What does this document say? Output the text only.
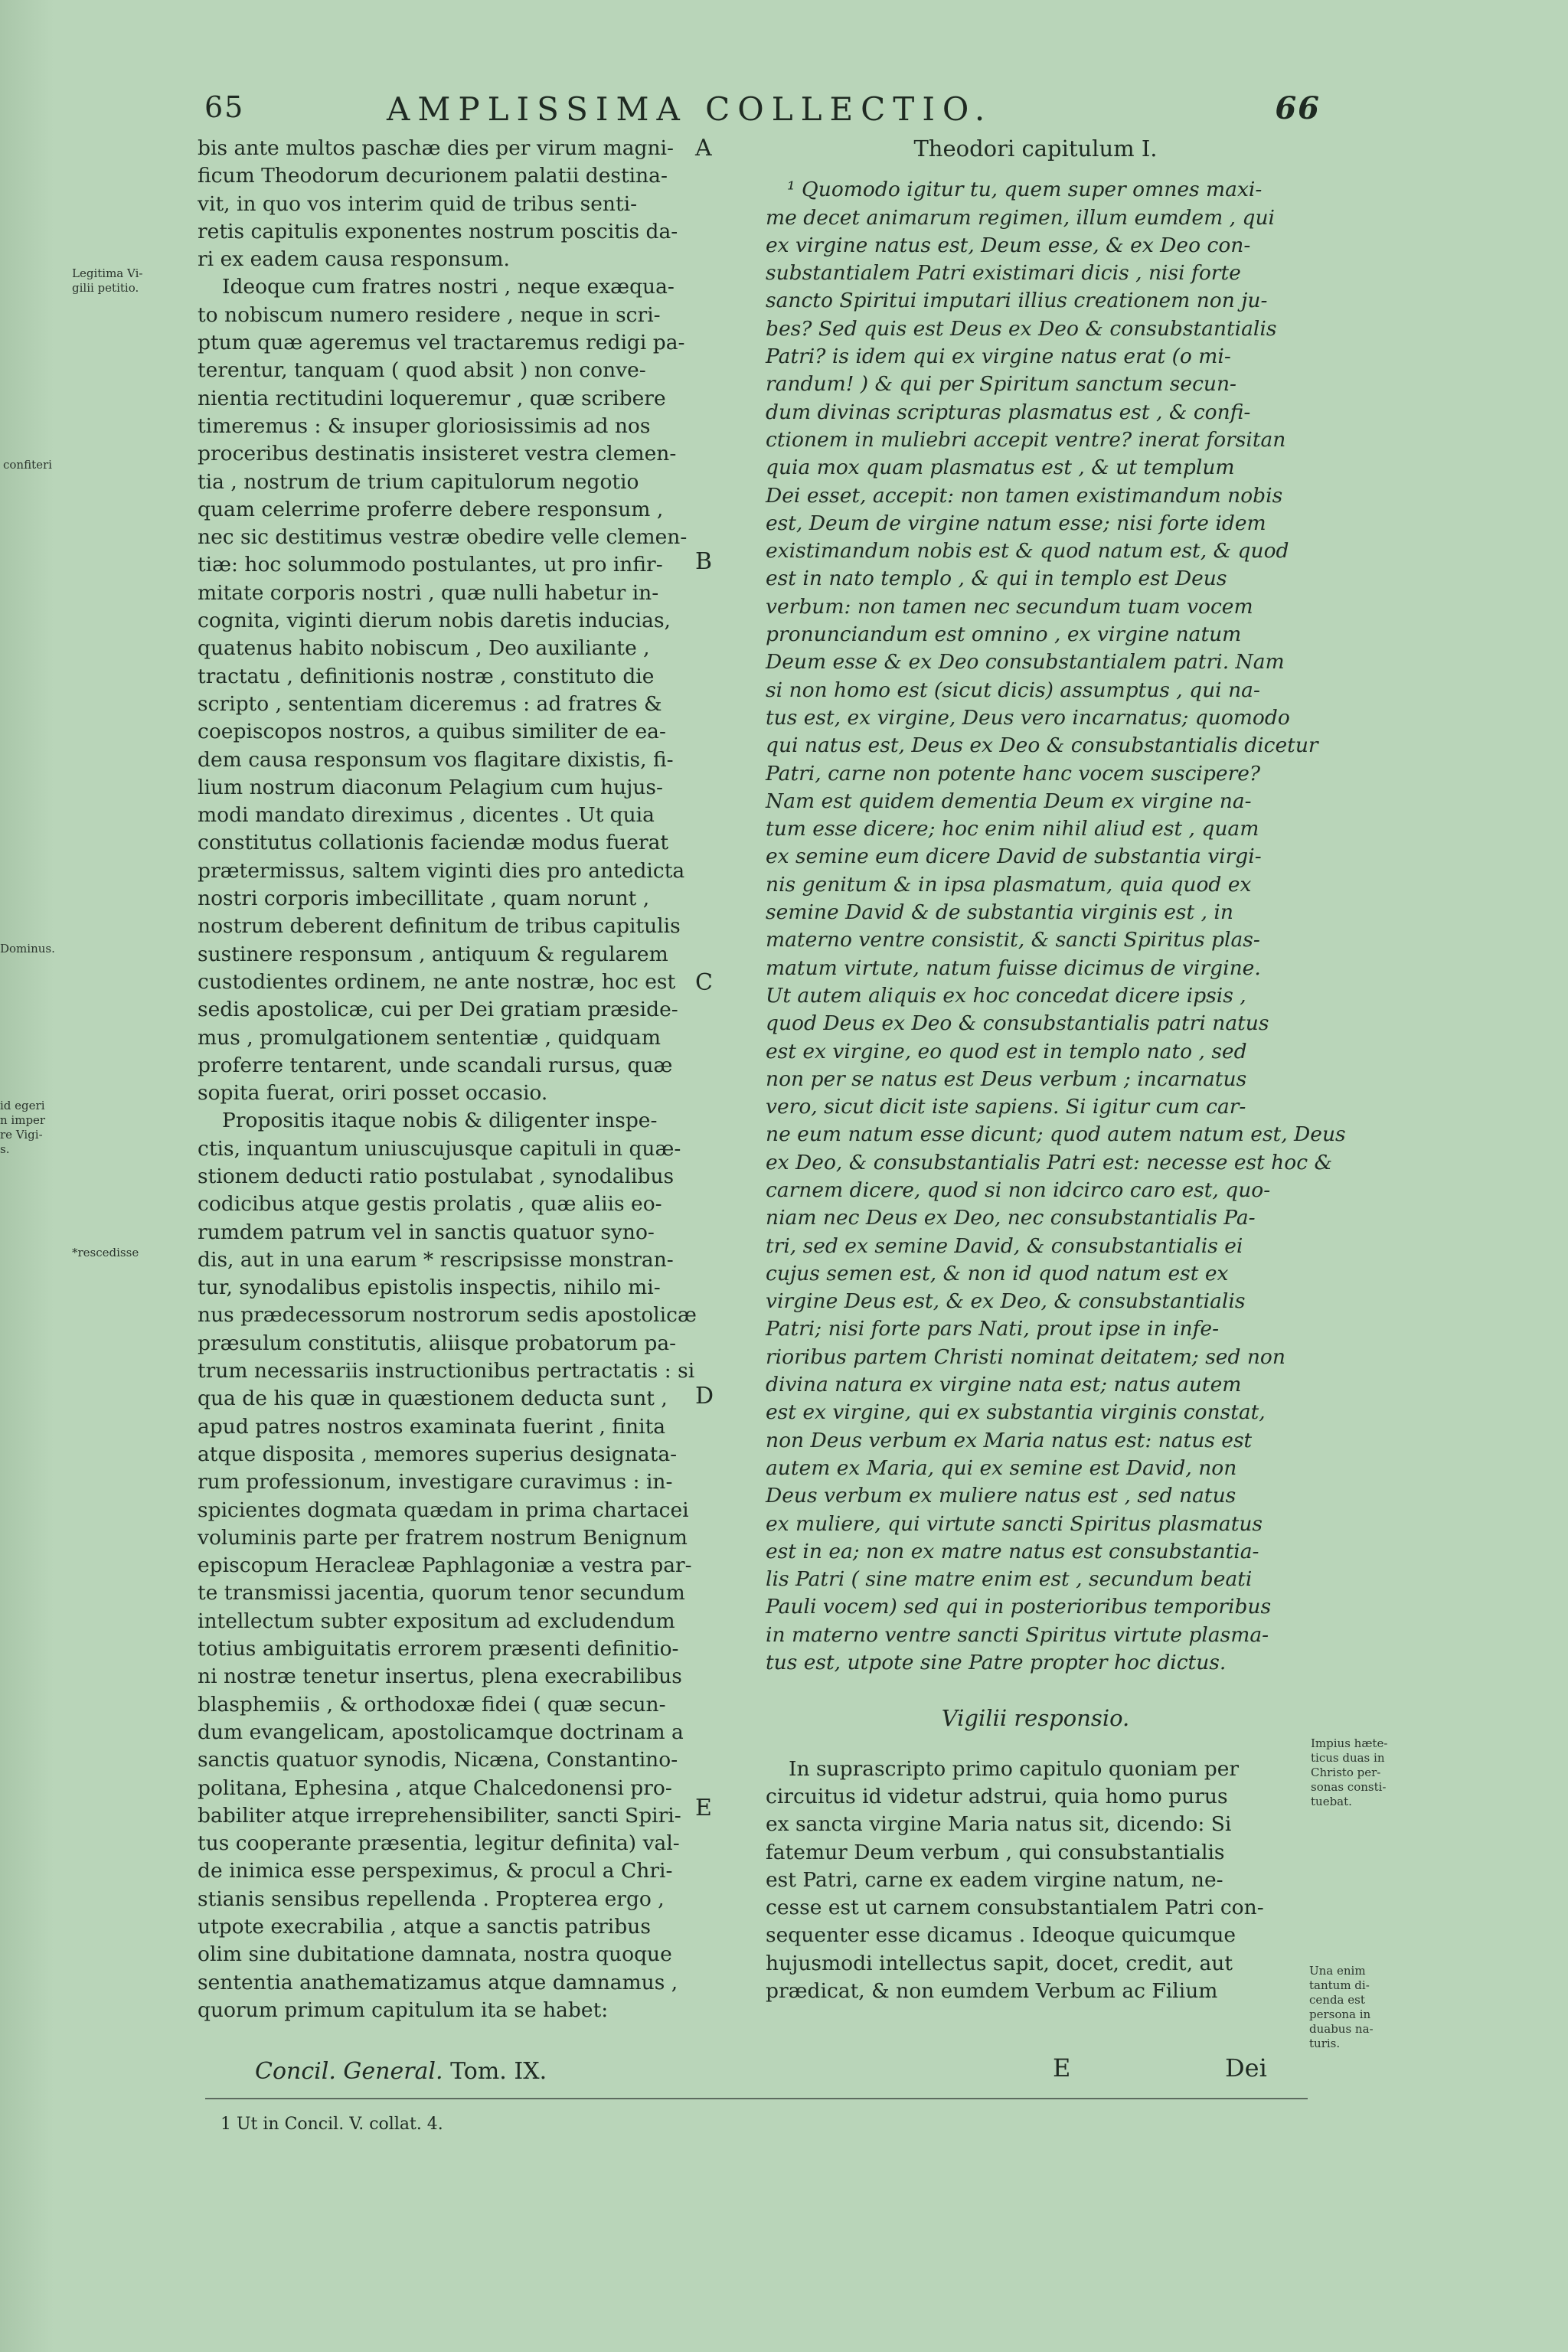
65	AMPLISSIMA COLLECTIO.	66
Legitima Vi-
gilii petitio.
confiteri
Dominus.
id egeri
n imper
re Vigi-
s.
*rescedisse
Impius hæte-
ticus duas in
Christo per-
sonas consti-
tuebat.
Una enim
tantum di-
cenda est
persona in
duabus na-
turis.
A
B
C
D
E
bis ante multos paschæ dies per virum magni-
ficum Theodorum decurionem palatii destina-
vit, in quo vos interim quid de tribus senti-
retis capitulis exponentes nostrum poscitis da-
ri ex eadem causa responsum.
Ideoque cum fratres nostri , neque exæqua-
to nobiscum numero residere , neque in scri-
ptum quæ ageremus vel tractaremus redigi pa-
terentur, tanquam ( quod absit ) non conve-
nientia rectitudini loqueremur , quæ scribere
timeremus : & insuper gloriosissimis ad nos
proceribus destinatis insisteret vestra clemen-
tia , nostrum de trium capitulorum negotio
quam celerrime proferre debere responsum ,
nec sic destitimus vestræ obedire velle clemen-
tiæ: hoc solummodo postulantes, ut pro infir-
mitate corporis nostri , quæ nulli habetur in-
cognita, viginti dierum nobis daretis inducias,
quatenus habito nobiscum , Deo auxiliante ,
tractatu , definitionis nostræ , constituto die
scripto , sententiam diceremus : ad fratres &
coepiscopos nostros, a quibus similiter de ea-
dem causa responsum vos flagitare dixistis, fi-
lium nostrum diaconum Pelagium cum hujus-
modi mandato direximus , dicentes . Ut quia
constitutus collationis faciendæ modus fuerat
prætermissus, saltem viginti dies pro antedicta
nostri corporis imbecillitate , quam norunt ,
nostrum deberent definitum de tribus capitulis
sustinere responsum , antiquum & regularem
custodientes ordinem, ne ante nostræ, hoc est
sedis apostolicæ, cui per Dei gratiam præside-
mus , promulgationem sententiæ , quidquam
proferre tentarent, unde scandali rursus, quæ
sopita fuerat, oriri posset occasio.
Propositis itaque nobis & diligenter inspe-
ctis, inquantum uniuscujusque capituli in quæ-
stionem deducti ratio postulabat , synodalibus
codicibus atque gestis prolatis , quæ aliis eo-
rumdem patrum vel in sanctis quatuor syno-
dis, aut in una earum * rescripsisse monstran-
tur, synodalibus epistolis inspectis, nihilo mi-
nus prædecessorum nostrorum sedis apostolicæ
præsulum constitutis, aliisque probatorum pa-
trum necessariis instructionibus pertractatis : si
qua de his quæ in quæstionem deducta sunt ,
apud patres nostros examinata fuerint , finita
atque disposita , memores superius designata-
rum professionum, investigare curavimus : in-
spicientes dogmata quædam in prima chartacei
voluminis parte per fratrem nostrum Benignum
episcopum Heracleæ Paphlagoniæ a vestra par-
te transmissi jacentia, quorum tenor secundum
intellectum subter expositum ad excludendum
totius ambiguitatis errorem præsenti definitio-
ni nostræ tenetur insertus, plena execrabilibus
blasphemiis , & orthodoxæ fidei ( quæ secun-
dum evangelicam, apostolicamque doctrinam a
sanctis quatuor synodis, Nicæna, Constantino-
politana, Ephesina , atque Chalcedonensi pro-
babiliter atque irreprehensibiliter, sancti Spiri-
tus cooperante præsentia, legitur definita) val-
de inimica esse perspeximus, & procul a Chri-
stianis sensibus repellenda . Propterea ergo ,
utpote execrabilia , atque a sanctis patribus
olim sine dubitatione damnata, nostra quoque
sententia anathematizamus atque damnamus ,
quorum primum capitulum ita se habet:
Theodori capitulum I.
¹ Quomodo igitur tu, quem super omnes maxi-
me decet animarum regimen, illum eumdem , qui
ex virgine natus est, Deum esse, & ex Deo con-
substantialem Patri existimari dicis , nisi forte
sancto Spiritui imputari illius creationem non ju-
bes? Sed quis est Deus ex Deo & consubstantialis
Patri? is idem qui ex virgine natus erat (o mi-
randum! ) & qui per Spiritum sanctum secun-
dum divinas scripturas plasmatus est , & confi-
ctionem in muliebri accepit ventre? inerat forsitan
quia mox quam plasmatus est , & ut templum
Dei esset, accepit: non tamen existimandum nobis
est, Deum de virgine natum esse; nisi forte idem
existimandum nobis est & quod natum est, & quod
est in nato templo , & qui in templo est Deus
verbum: non tamen nec secundum tuam vocem
pronunciandum est omnino , ex virgine natum
Deum esse & ex Deo consubstantialem patri. Nam
si non homo est (sicut dicis) assumptus , qui na-
tus est, ex virgine, Deus vero incarnatus; quomodo
qui natus est, Deus ex Deo & consubstantialis dicetur
Patri, carne non potente hanc vocem suscipere?
Nam est quidem dementia Deum ex virgine na-
tum esse dicere; hoc enim nihil aliud est , quam
ex semine eum dicere David de substantia virgi-
nis genitum & in ipsa plasmatum, quia quod ex
semine David & de substantia virginis est , in
materno ventre consistit, & sancti Spiritus plas-
matum virtute, natum fuisse dicimus de virgine.
Ut autem aliquis ex hoc concedat dicere ipsis ,
quod Deus ex Deo & consubstantialis patri natus
est ex virgine, eo quod est in templo nato , sed
non per se natus est Deus verbum ; incarnatus
vero, sicut dicit iste sapiens. Si igitur cum car-
ne eum natum esse dicunt; quod autem natum est, Deus
ex Deo, & consubstantialis Patri est: necesse est hoc &
carnem dicere, quod si non idcirco caro est, quo-
niam nec Deus ex Deo, nec consubstantialis Pa-
tri, sed ex semine David, & consubstantialis ei
cujus semen est, & non id quod natum est ex
virgine Deus est, & ex Deo, & consubstantialis
Patri; nisi forte pars Nati, prout ipse in infe-
rioribus partem Christi nominat deitatem; sed non
divina natura ex virgine nata est; natus autem
est ex virgine, qui ex substantia virginis constat,
non Deus verbum ex Maria natus est: natus est
autem ex Maria, qui ex semine est David, non
Deus verbum ex muliere natus est , sed natus
ex muliere, qui virtute sancti Spiritus plasmatus
est in ea; non ex matre natus est consubstantia-
lis Patri ( sine matre enim est , secundum beati
Pauli vocem) sed qui in posterioribus temporibus
in materno ventre sancti Spiritus virtute plasma-
tus est, utpote sine Patre propter hoc dictus.
Vigilii responsio.
In suprascripto primo capitulo quoniam per
circuitus id videtur adstrui, quia homo purus
ex sancta virgine Maria natus sit, dicendo: Si
fatemur Deum verbum , qui consubstantialis
est Patri, carne ex eadem virgine natum, ne-
cesse est ut carnem consubstantialem Patri con-
sequenter esse dicamus . Ideoque quicumque
hujusmodi intellectus sapit, docet, credit, aut
prædicat, & non eumdem Verbum ac Filium
Concil. General. Tom. IX.	E	Dei
1 Ut in Concil. V. collat. 4.
